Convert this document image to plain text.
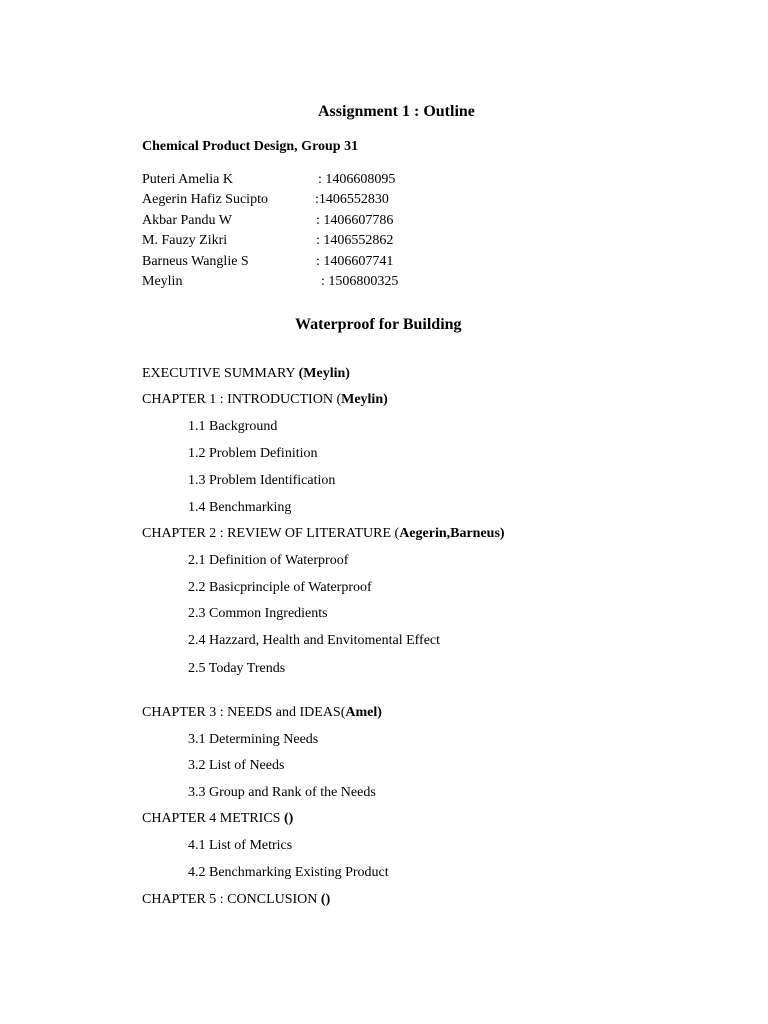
Assignment 1 : Outline
Chemical Product Design, Group 31
Puteri Amelia K	: 1406608095
Aegerin Hafiz Sucipto	:1406552830
Akbar Pandu W	: 1406607786
M. Fauzy Zikri	: 1406552862
Barneus Wanglie S	: 1406607741
Meylin	: 1506800325
Waterproof for Building
EXECUTIVE SUMMARY (Meylin)
CHAPTER 1 : INTRODUCTION (Meylin)
1.1 Background
1.2 Problem Definition
1.3 Problem Identification
1.4 Benchmarking
CHAPTER 2 : REVIEW OF LITERATURE (Aegerin,Barneus)
2.1 Definition of Waterproof
2.2 Basicprinciple of Waterproof
2.3 Common Ingredients
2.4 Hazzard, Health and Envitomental Effect
2.5 Today Trends
CHAPTER 3 : NEEDS and IDEAS(Amel)
3.1 Determining Needs
3.2 List of Needs
3.3 Group and Rank of the Needs
CHAPTER 4 METRICS ()
4.1 List of Metrics
4.2 Benchmarking Existing Product
CHAPTER 5 : CONCLUSION ()
